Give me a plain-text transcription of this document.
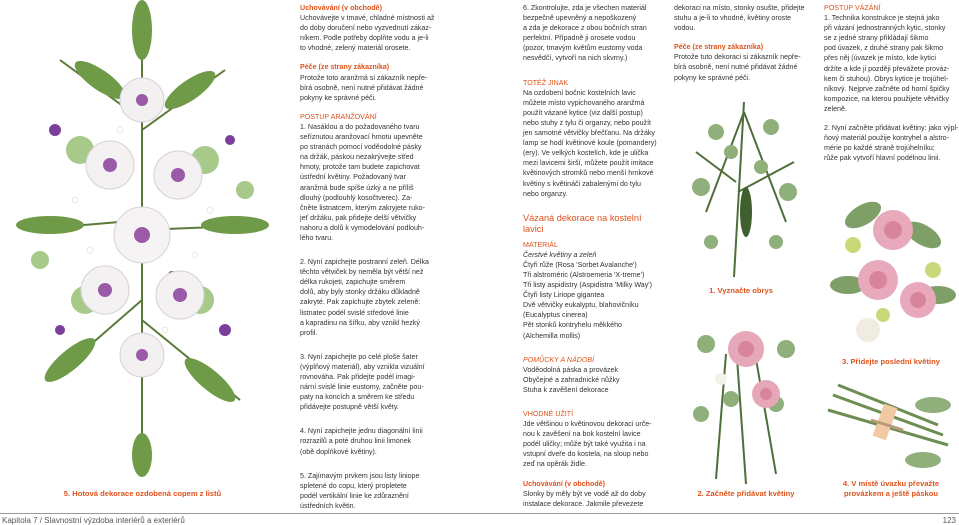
5. Hotová dekorace ozdobená copem z listů

Uchovávání (v obchodě)

Uchovávejte v tmavé, chladné místnosti až

do doby doručení nebo vyzvednutí zákaz-

níkem. Podle potřeby doplňte vodu a je-li

to vhodné, zelený materiál orosete.

Péče (ze strany zákazníka)

Protože toto aranžmá si zákazník nepře-

bírá osobně, není nutné přidávat žádné

pokyny ke správné péči.

POSTUP ARANŽOVÁNÍ

1. Nasáklou a do požadovaného tvaru

seříznutou aranžovací hmotu upevněte

po stranách pomocí voděodolné pásky

na držák, páskou nezakrývejte střed

hmoty, protože tam budete zapichovat

ústřední květiny. Požadovaný tvar

aranžmá bude spíše úzký a ne příliš

dlouhý (podlouhlý kosočtverec). Za-

čněte listnatcem, kterým zakryjete ruko-

jeť držáku, pak přidejte delší větvičky

nahoru a dolů k vymodelování podlouh-

lého tvaru.

2. Nyní zapichejte postranní zeleň. Délka

těchto větviček by neměla být větší než

délka rukojeti, zapichujte směrem

dolů, aby byly stonky držáku důkladně

zakryté. Pak zapichujte zbytek zeleně:

listnatec podél svislé středové linie

a kapradinu na šířku, aby vznikl hezký

profil.

3. Nyní zapichejte po celé ploše šater

(výplňový materiál), aby vznikla vizuální

rovnováha. Pak přidejte podél imagi-

nární svislé linie eustomy, začněte pou-

paty na koncích a směrem ke středu

přidávejte postupně větší květy.

4. Nyní zapichejte jednu diagonální linii

rozrazilů a poté druhou linii limonek

(obě doplňkové květiny).

5. Zajímavým prvkem jsou listy liniope

spletené do copu, který propletete

podél vertikální linie ke zdůraznění

ústředních květin.

6. Zkontrolujte, zda je všechen materiál

bezpečně upevněný a nepoškozený

a zda je dekorace z obou bočních stran

perfektní. Případně ji orosete vodou

(pozor, tmavým květům eustomy voda

nesvědčí, vytvoří na nich skvrny.)

TOTÉŽ JINAK

Na ozdobení bočnic kostelních lavic

můžete místo vypichovaného aranžmá

použít vázané kytice (viz další postup)

nebo stuhy z tylu či organzy, nebo použít

jen samotné větvičky břečťanu. Na držáky

lamp se hodí květinové koule (pomandery)

(ery). Ve velkých kostelích, kde je ulička

mezi lavicemi širší, můžete použít imitace

květinových stromků nebo menší hrnkové

květiny s květináči zabalenými do tylu

nebo organzy.

Vázaná dekorace na kostelní

lavici

MATERIÁL

Čerstvé květiny a zeleň

Čtyři růže (Rosa 'Sorbet Avalanche')

Tři alstroméric (Alstroemeria 'X-treme')

Tři listy aspidistry (Aspidistra 'Milky Way')

Čtyři listy Liriope gigantea

Dvě větvičky eukalyptu, blahovičníku

(Eucalyptus cinerea)

Pět stonků kontryhelu měkkého

(Alchemilla mollis)

POMŮCKY A NÁDOBÍ

Voděodolná páska a provázek

Obyčejné a zahradnické nůžky

Stuha k zavěšení dekorace

VHODNÉ UŽITÍ

Jde většinou o květinovou dekoraci urče-

nou k zavěšení na bok kostelní lavice

podél uličky; může být také využita i na

vstupní dveře do kostela, na sloup nebo

zeď na opěrák židle.

Uchovávání (v obchodě)

Slonky by měly být ve vodě až do doby

instalace dekorace. Jakmile převezete

dekoraci na místo, stonky osušte, přidejte

stuhu a je-li to vhodné, květiny oroste

vodou.

Péče (ze strany zákazníka)

Protože tuto dekoraci si zákazník nepře-

bírá osobně, není nutné přidávat žádné

pokyny ke správné péči.

1. Vyznačte obrys
2. Začněte přidávat květiny

POSTUP VÁZÁNÍ

1. Technika konstrukce je stejná jako

při vázání jednostranných kytic, stonky

se z jedné strany přikládají šikmo

pod úvazek, z druhé strany pak šikmo

přes něj (úvazek je místo, kde kytici

držíte a kde ji později převážete prováz-

kem či stuhou). Obrys kytice je trojúhel-

níkový. Nejprve začněte od horní špičky

kompozice, na kterou použijete větvičky

zeleně.

2. Nyní začněte přidávat květiny: jako výpl-

ňový materiál použije kontryhel a alstro-

mérie po každé straně trojúhelníku;

růže pak vytvoří hlavní podélnou linii.

3. Přidejte poslední květiny
4. V místě úvazku převažte
provázkem a ještě páskou
Kapitola 7 / Slavnostní výzdoba interiérů a exteriérů	123
